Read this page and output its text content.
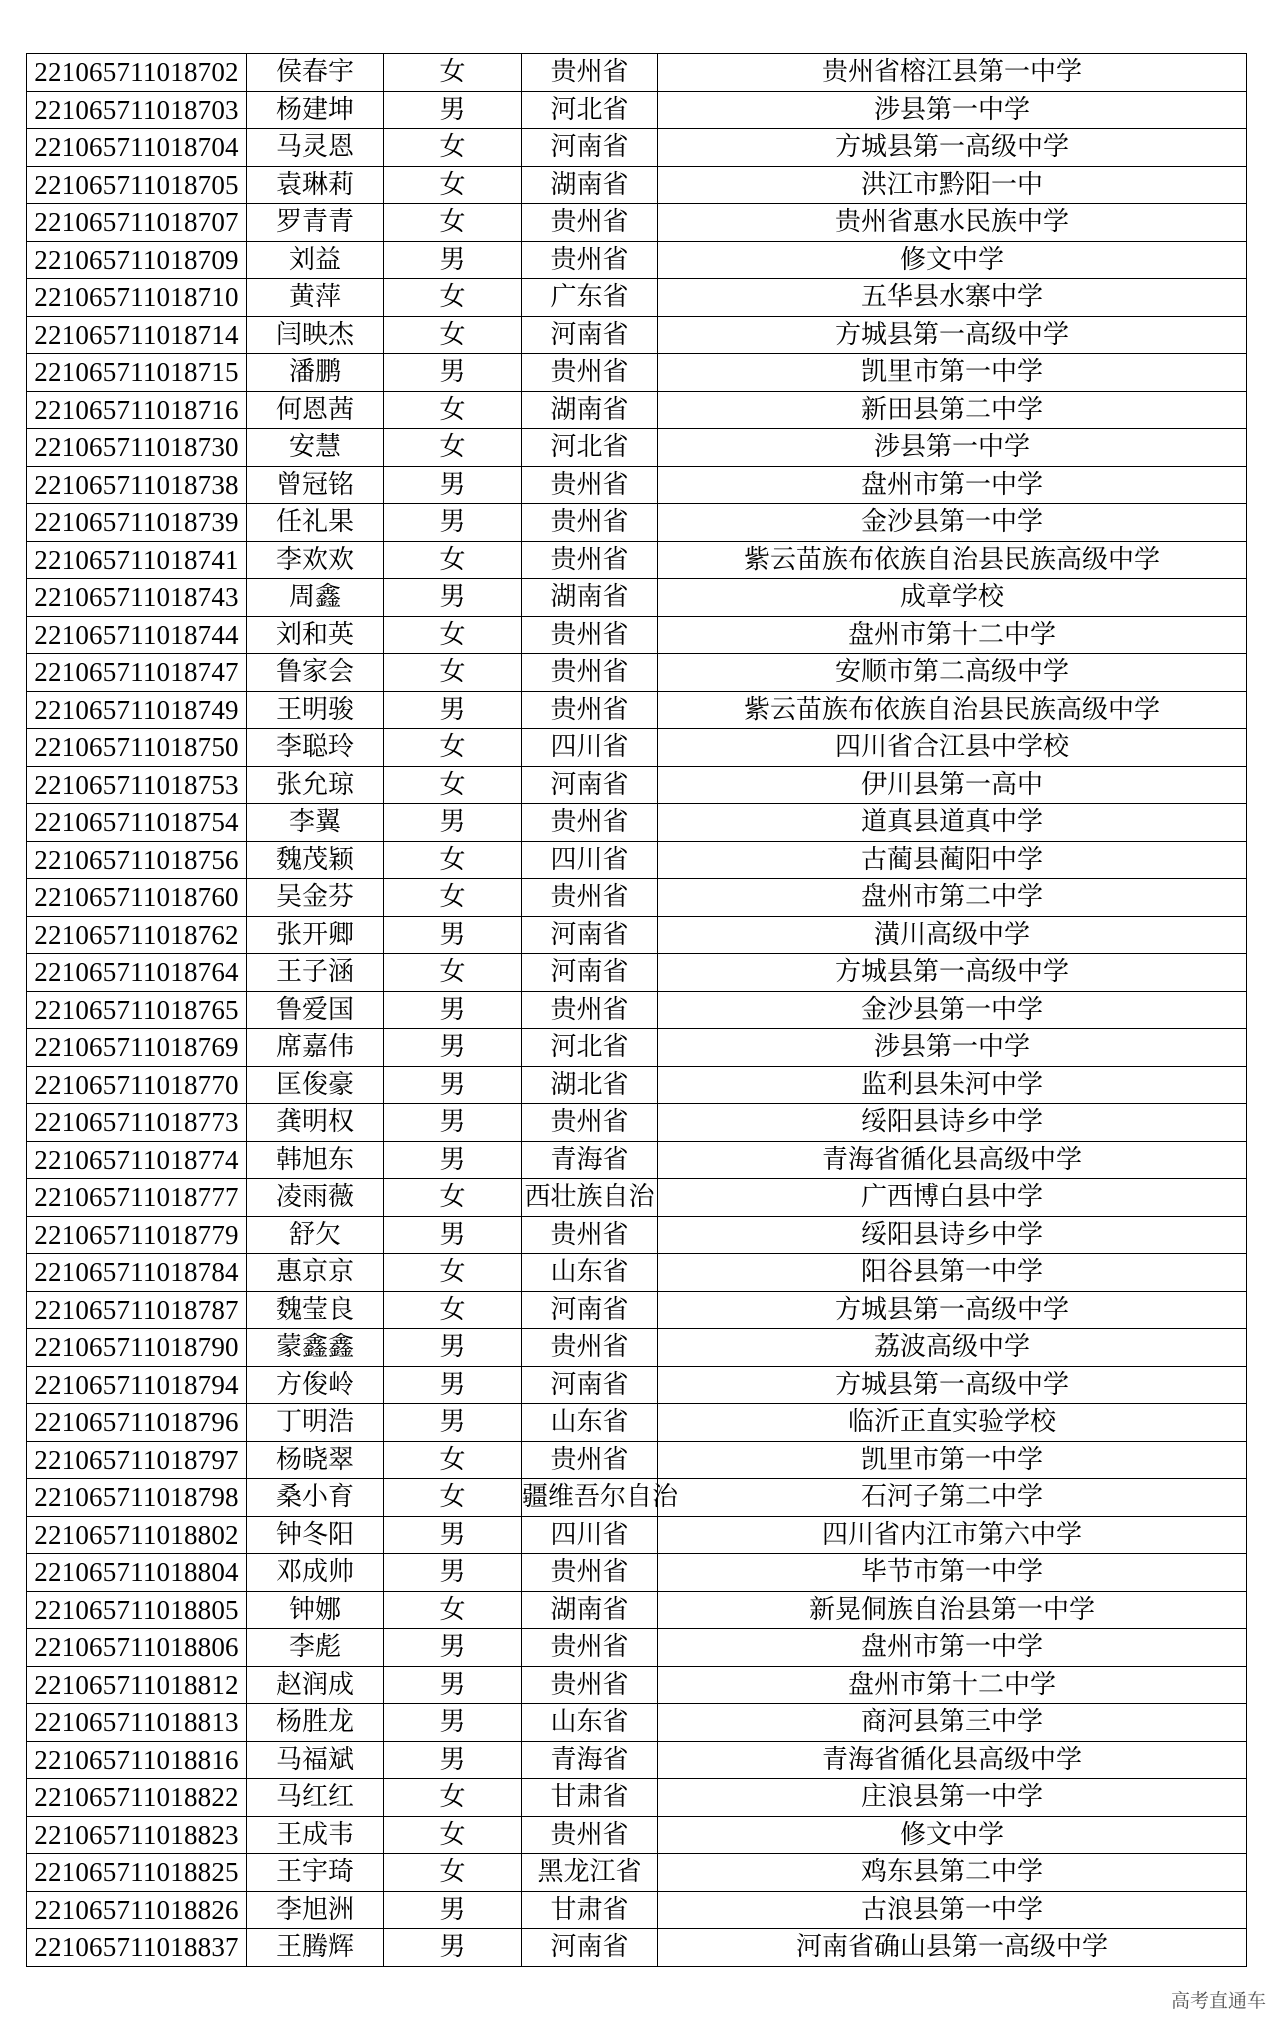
221065711018702	侯春宇	女	贵州省	贵州省榕江县第一中学
221065711018703	杨建坤	男	河北省	涉县第一中学
221065711018704	马灵恩	女	河南省	方城县第一高级中学
221065711018705	袁琳莉	女	湖南省	洪江市黔阳一中
221065711018707	罗青青	女	贵州省	贵州省惠水民族中学
221065711018709	刘益	男	贵州省	修文中学
221065711018710	黄萍	女	广东省	五华县水寨中学
221065711018714	闫映杰	女	河南省	方城县第一高级中学
221065711018715	潘鹏	男	贵州省	凯里市第一中学
221065711018716	何恩茜	女	湖南省	新田县第二中学
221065711018730	安慧	女	河北省	涉县第一中学
221065711018738	曾冠铭	男	贵州省	盘州市第一中学
221065711018739	任礼果	男	贵州省	金沙县第一中学
221065711018741	李欢欢	女	贵州省	紫云苗族布依族自治县民族高级中学
221065711018743	周鑫	男	湖南省	成章学校
221065711018744	刘和英	女	贵州省	盘州市第十二中学
221065711018747	鲁家会	女	贵州省	安顺市第二高级中学
221065711018749	王明骏	男	贵州省	紫云苗族布依族自治县民族高级中学
221065711018750	李聪玲	女	四川省	四川省合江县中学校
221065711018753	张允琼	女	河南省	伊川县第一高中
221065711018754	李翼	男	贵州省	道真县道真中学
221065711018756	魏茂颖	女	四川省	古蔺县蔺阳中学
221065711018760	吴金芬	女	贵州省	盘州市第二中学
221065711018762	张开卿	男	河南省	潢川高级中学
221065711018764	王子涵	女	河南省	方城县第一高级中学
221065711018765	鲁爱国	男	贵州省	金沙县第一中学
221065711018769	席嘉伟	男	河北省	涉县第一中学
221065711018770	匡俊豪	男	湖北省	监利县朱河中学
221065711018773	龚明权	男	贵州省	绥阳县诗乡中学
221065711018774	韩旭东	男	青海省	青海省循化县高级中学
221065711018777	凌雨薇	女	西壮族自治	广西博白县中学
221065711018779	舒欠	男	贵州省	绥阳县诗乡中学
221065711018784	惠京京	女	山东省	阳谷县第一中学
221065711018787	魏莹良	女	河南省	方城县第一高级中学
221065711018790	蒙鑫鑫	男	贵州省	荔波高级中学
221065711018794	方俊岭	男	河南省	方城县第一高级中学
221065711018796	丁明浩	男	山东省	临沂正直实验学校
221065711018797	杨晓翠	女	贵州省	凯里市第一中学
221065711018798	桑小育	女	疆维吾尔自治	石河子第二中学
221065711018802	钟冬阳	男	四川省	四川省内江市第六中学
221065711018804	邓成帅	男	贵州省	毕节市第一中学
221065711018805	钟娜	女	湖南省	新晃侗族自治县第一中学
221065711018806	李彪	男	贵州省	盘州市第一中学
221065711018812	赵润成	男	贵州省	盘州市第十二中学
221065711018813	杨胜龙	男	山东省	商河县第三中学
221065711018816	马福斌	男	青海省	青海省循化县高级中学
221065711018822	马红红	女	甘肃省	庄浪县第一中学
221065711018823	王成韦	女	贵州省	修文中学
221065711018825	王宇琦	女	黑龙江省	鸡东县第二中学
221065711018826	李旭洲	男	甘肃省	古浪县第一中学
221065711018837	王腾辉	男	河南省	河南省确山县第一高级中学
高考直通车
